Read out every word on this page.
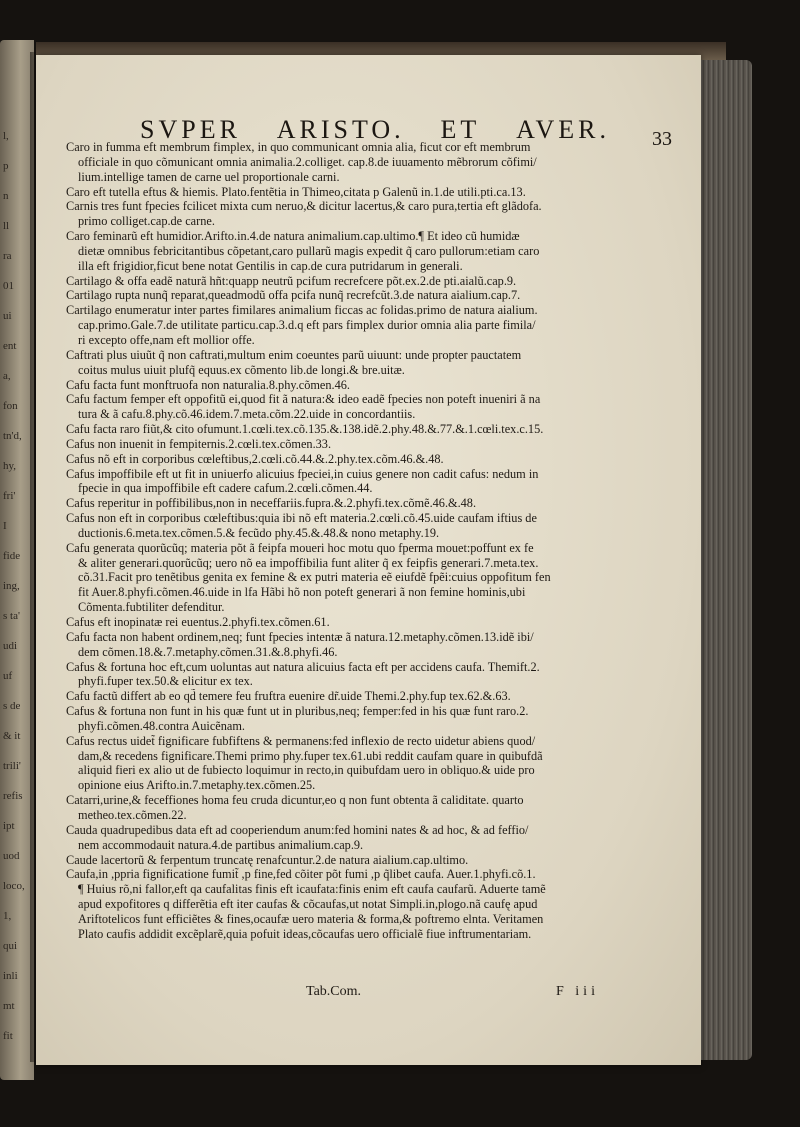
l,
p
n
ll
ra
01
ui
ent
a,
fon
tn'd,
hy,
fri'
I
fide
ing,
s ta'
udi
uf
s de
& it
trili'
refis
ipt
uod
loco,
1,
qui
inli
mt
fit
SVPER ARISTO. ET AVER. 33
Caro in fumma eft membrum fimplex, in quo communicant omnia alia, ficut cor eft membrum
officiale in quo cõmunicant omnia animalia.2.colliget. cap.8.de iuuamento mẽbrorum cõfimi/
lium.intellige tamen de carne uel proportionale carni.
Caro eft tutella eftus & hiemis. Plato.fentẽtia in Thimeo,citata p Galenũ in.1.de utili.pti.ca.13.
Carnis tres funt fpecies fcilicet mixta cum neruo,& dicitur lacertus,& caro pura,tertia eft glãdofa.
primo colliget.cap.de carne.
Caro feminarũ eft humidior.Arifto.in.4.de natura animalium.cap.ultimo.¶ Et ideo cũ humidæ
dietæ omnibus febricitantibus cõpetant,caro pullarũ magis expedit q̃ caro pullorum:etiam caro
illa eft frigidior,ficut bene notat Gentilis in cap.de cura putridarum in generali.
Cartilago & offa eadẽ naturã hñt:quapp neutrũ pcifum recrefcere põt.ex.2.de pti.aialũ.cap.9.
Cartilago rupta nunq̃ reparat,queadmodũ offa pcifa nunq̃ recrefcũt.3.de natura aialium.cap.7.
Cartilago enumeratur inter partes fimilares animalium ficcas ac folidas.primo de natura aialium.
cap.primo.Gale.7.de utilitate particu.cap.3.d.q eft pars fimplex durior omnia alia parte fimila/
ri excepto offe,nam eft mollior offe.
Caftrati plus uiuũt q̃ non caftrati,multum enim coeuntes parũ uiuunt: unde propter pauctatem
coitus mulus uiuit plufq̃ equus.ex cõmento lib.de longi.& bre.uitæ.
Cafu facta funt monftruofa non naturalia.8.phy.cõmen.46.
Cafu factum femper eft oppofitũ ei,quod fit ã natura:& ideo eadẽ fpecies non poteft inueniri ã na
tura & ã cafu.8.phy.cõ.46.idem.7.meta.cõm.22.uide in concordantiis.
Cafu facta raro fiũt,& cito ofumunt.1.cœli.tex.cõ.135.&.138.idẽ.2.phy.48.&.77.&.1.cœli.tex.c.15.
Cafus non inuenit in fempiternis.2.cœli.tex.cõmen.33.
Cafus nõ eft in corporibus cœleftibus,2.cœli.cõ.44.&.2.phy.tex.cõm.46.&.48.
Cafus impoffibile eft ut fit in uniuerfo alicuius fpeciei,in cuius genere non cadit cafus: nedum in
fpecie in qua impoffibile eft cadere cafum.2.cœli.cõmen.44.
Cafus reperitur in poffibilibus,non in neceffariis.fupra.&.2.phyfi.tex.cõmẽ.46.&.48.
Cafus non eft in corporibus cœleftibus:quia ibi nõ eft materia.2.cœli.cõ.45.uide caufam iftius de
ductionis.6.meta.tex.cõmen.5.& fecũdo phy.45.&.48.& nono metaphy.19.
Cafu generata quorũcũq; materia põt ã feipfa moueri hoc motu quo fperma mouet:poffunt ex fe
& aliter generari.quorũcũq; uero nõ ea impoffibilia funt aliter q̃ ex feipfis generari.7.meta.tex.
cõ.31.Facit pro tenẽtibus genita ex femine & ex putri materia eẽ eiufdẽ fpẽi:cuius oppofitum fen
fit Auer.8.phyfi.cõmen.46.uide in lfa Hãbi hõ non poteft generari ã non femine hominis,ubi
Cõmenta.fubtiliter defenditur.
Cafus eft inopinatæ rei euentus.2.phyfi.tex.cõmen.61.
Cafu facta non habent ordinem,neq; funt fpecies intentæ ã natura.12.metaphy.cõmen.13.idẽ ibi/
dem cõmen.18.&.7.metaphy.cõmen.31.&.8.phyfi.46.
Cafus & fortuna hoc eft,cum uoluntas aut natura alicuius facta eft per accidens caufa. Themift.2.
phyfi.fuper tex.50.& elicitur ex tex.
Cafu factũ differt ab eo qd̃ temere feu fruftra euenire dr̃.uide Themi.2.phy.fup tex.62.&.63.
Cafus & fortuna non funt in his quæ funt ut in pluribus,neq; femper:fed in his quæ funt raro.2.
phyfi.cõmen.48.contra Auicẽnam.
Cafus rectus uidet̃ fignificare fubfiftens & permanens:fed inflexio de recto uidetur abiens quod/
dam,& recedens fignificare.Themi primo phy.fuper tex.61.ubi reddit caufam quare in quibufdã
aliquid fieri ex alio ut de fubiecto loquimur in recto,in quibufdam uero in obliquo.& uide pro
opinione eius Arifto.in.7.metaphy.tex.cõmen.25.
Catarri,urine,& feceffiones homa feu cruda dicuntur,eo q non funt obtenta ã caliditate. quarto
metheo.tex.cõmen.22.
Cauda quadrupedibus data eft ad cooperiendum anum:fed homini nates & ad hoc, & ad feffio/
nem accommodauit natura.4.de partibus animalium.cap.9.
Caude lacertorũ & ferpentum truncatę renafcuntur.2.de natura aialium.cap.ultimo.
Caufa,in ,ppria fignificatione fumit̃ ,p fine,fed cõiter põt fumi ,p q̃libet caufa. Auer.1.phyfi.cõ.1.
¶ Huius rõ,ni fallor,eft qa caufalitas finis eft icaufata:finis enim eft caufa caufarũ. Aduerte tamẽ
apud expofitores q differẽtia eft iter caufas & cõcaufas,ut notat Simpli.in,plogo.nã caufę apud
Ariftotelicos funt efficiẽtes & fines,ocaufæ uero materia & forma,& poftremo elnta. Veritamen
Plato caufis addidit excẽplarẽ,quia pofuit ideas,cõcaufas uero officialẽ fiue inftrumentariam.
Tab.Com.	F iii
